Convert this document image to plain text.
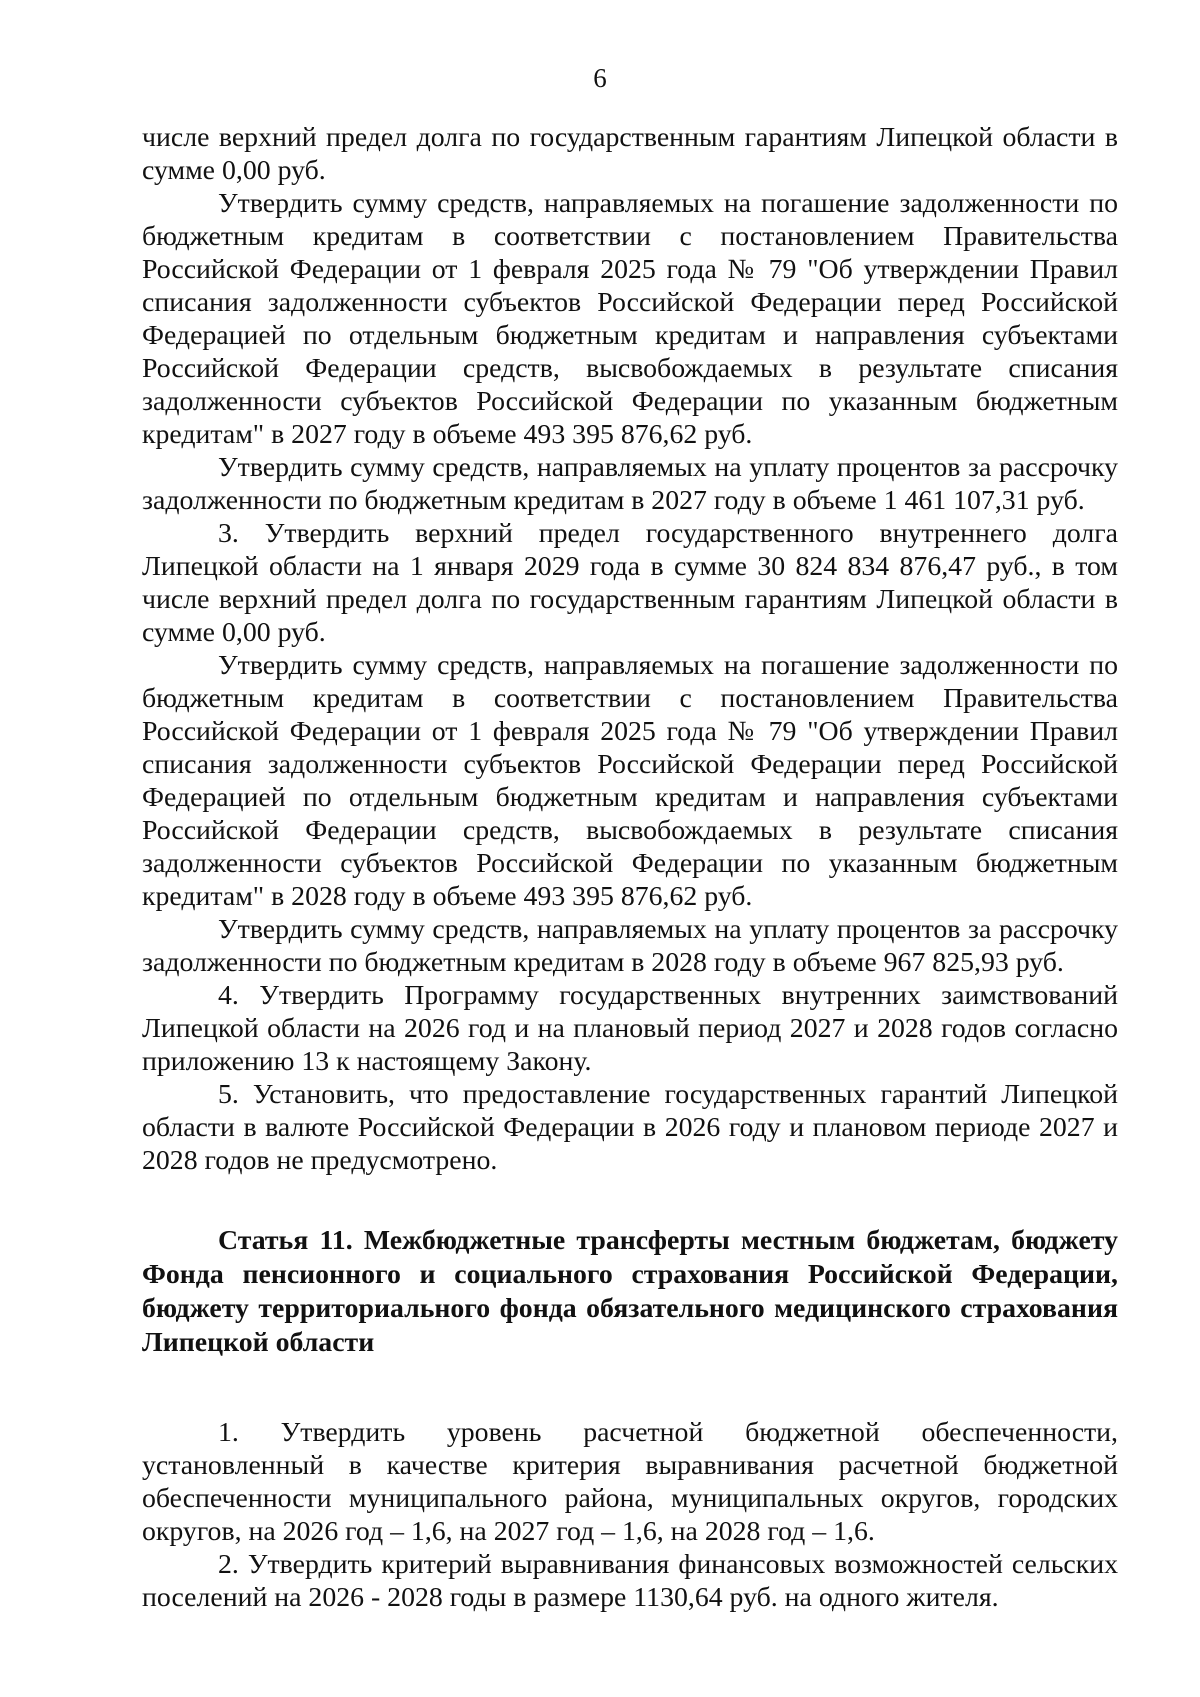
6

числе верхний предел долга по государственным гарантиям Липецкой области в сумме 0,00 руб.

Утвердить сумму средств, направляемых на погашение задолженности по бюджетным кредитам в соответствии с постановлением Правительства Российской Федерации от 1 февраля 2025 года № 79 "Об утверждении Правил списания задолженности субъектов Российской Федерации перед Российской Федерацией по отдельным бюджетным кредитам и направления субъектами Российской Федерации средств, высвобождаемых в результате списания задолженности субъектов Российской Федерации по указанным бюджетным кредитам" в 2027 году в объеме 493 395 876,62 руб.

Утвердить сумму средств, направляемых на уплату процентов за рассрочку задолженности по бюджетным кредитам в 2027 году в объеме 1 461 107,31 руб.

3. Утвердить верхний предел государственного внутреннего долга Липецкой области на 1 января 2029 года в сумме 30 824 834 876,47 руб., в том числе верхний предел долга по государственным гарантиям Липецкой области в сумме 0,00 руб.

Утвердить сумму средств, направляемых на погашение задолженности по бюджетным кредитам в соответствии с постановлением Правительства Российской Федерации от 1 февраля 2025 года № 79 "Об утверждении Правил списания задолженности субъектов Российской Федерации перед Российской Федерацией по отдельным бюджетным кредитам и направления субъектами Российской Федерации средств, высвобождаемых в результате списания задолженности субъектов Российской Федерации по указанным бюджетным кредитам" в 2028 году в объеме 493 395 876,62 руб.

Утвердить сумму средств, направляемых на уплату процентов за рассрочку задолженности по бюджетным кредитам в 2028 году в объеме 967 825,93 руб.

4. Утвердить Программу государственных внутренних заимствований Липецкой области на 2026 год и на плановый период 2027 и 2028 годов согласно приложению 13 к настоящему Закону.

5. Установить, что предоставление государственных гарантий Липецкой области в валюте Российской Федерации в 2026 году и плановом периоде 2027 и 2028 годов не предусмотрено.

Статья 11. Межбюджетные трансферты местным бюджетам, бюджету Фонда пенсионного и социального страхования Российской Федерации, бюджету территориального фонда обязательного медицинского страхования Липецкой области

1. Утвердить уровень расчетной бюджетной обеспеченности, установленный в качестве критерия выравнивания расчетной бюджетной обеспеченности муниципального района, муниципальных округов, городских округов, на 2026 год – 1,6, на 2027 год – 1,6, на 2028 год – 1,6.

2. Утвердить критерий выравнивания финансовых возможностей сельских поселений на 2026 - 2028 годы в размере 1130,64 руб. на одного жителя.
